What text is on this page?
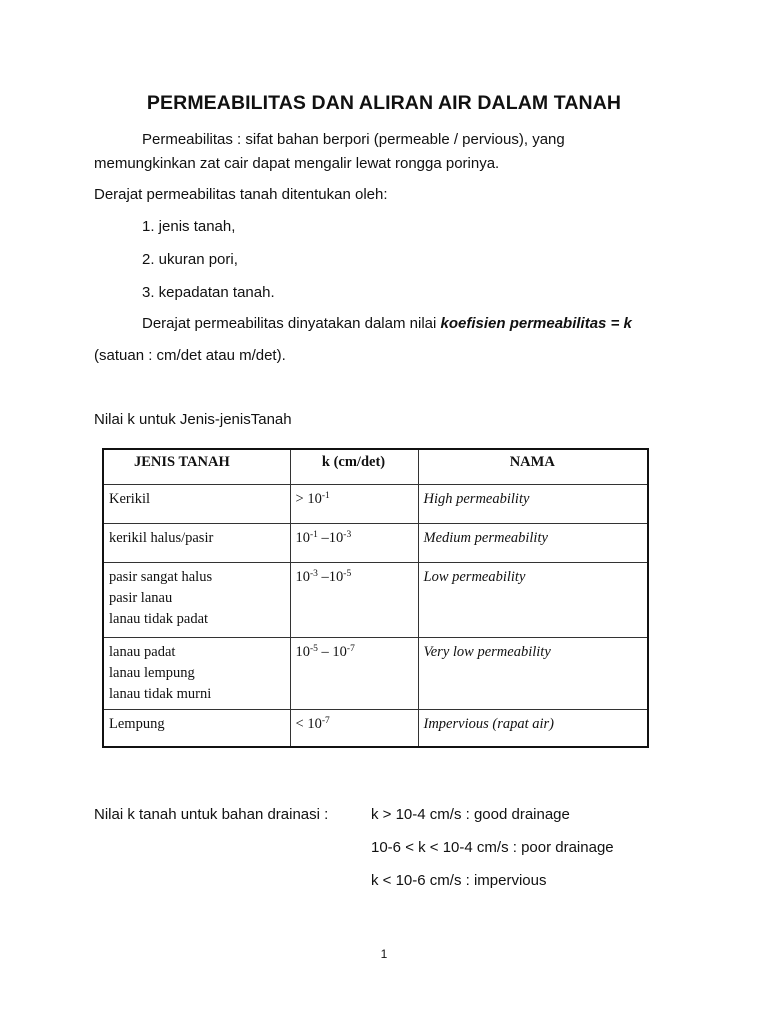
PERMEABILITAS DAN ALIRAN AIR DALAM TANAH
Permeabilitas : sifat bahan berpori (permeable / pervious), yang
memungkinkan zat cair dapat mengalir lewat rongga porinya.
Derajat permeabilitas tanah ditentukan oleh:
1. jenis tanah,
2. ukuran pori,
3. kepadatan tanah.
Derajat permeabilitas dinyatakan dalam nilai koefisien permeabilitas = k
(satuan : cm/det atau m/det).
Nilai k untuk Jenis-jenisTanah
JENIS TANAH	k (cm/det)	NAMA

Kerikil	> $10^{-1}$	High permeability

kerikil halus/pasir	$10^{-1}$ $-10^{-3}$	Medium permeability

pasir sangat halus
pasir lanau
lanau tidak padat	$10^{-3}$ $-10^{-5}$	Low permeability

lanau padat
lanau lempung
lanau tidak murni	$10^{-5} - 10^{-7}$	Very low permeability

Lempung	< $10^{-7}$	Impervious (rapat air)
Nilai k tanah untuk bahan drainasi :	k > 10-4 cm/s : good drainage
10-6 < k < 10-4 cm/s : poor drainage
k < 10-6 cm/s : impervious
1
